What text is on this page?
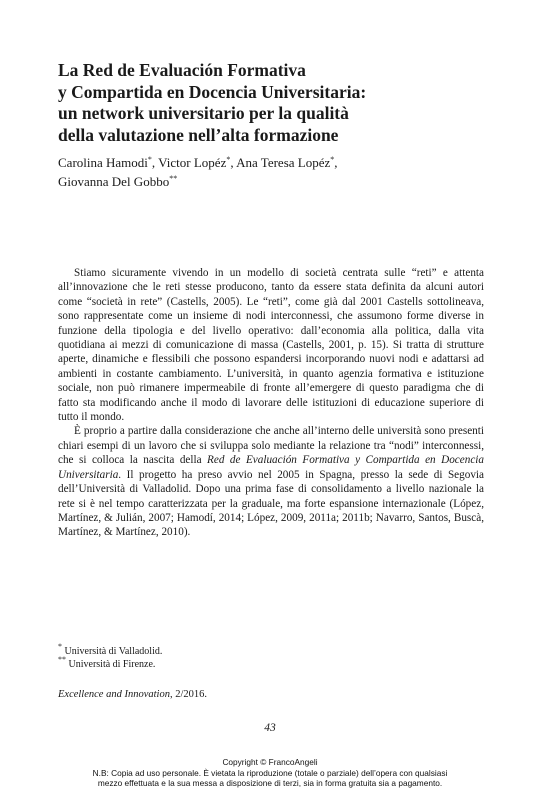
La Red de Evaluación Formativa
y Compartida en Docencia Universitaria:
un network universitario per la qualità
della valutazione nell’alta formazione
Carolina Hamodi*, Victor Lopéz*, Ana Teresa Lopéz*,
Giovanna Del Gobbo**

Stiamo sicuramente vivendo in un modello di società centrata sulle “reti” e attenta all’innovazione che le reti stesse producono, tanto da essere stata definita da alcuni autori come “società in rete” (Castells, 2005). Le “reti”, come già dal 2001 Castells sottolineava, sono rappresentate come un insieme di nodi interconnessi, che assumono forme diverse in funzione della tipologia e del livello operativo: dall’economia alla politica, dalla vita quotidiana ai mezzi di comunicazione di massa (Castells, 2001, p. 15). Si tratta di strutture aperte, dinamiche e flessibili che possono espandersi incorporando nuovi nodi e adattarsi ad ambienti in costante cambiamento. L’università, in quanto agenzia formativa e istituzione sociale, non può rimanere impermeabile di fronte all’emergere di questo paradigma che di fatto sta modificando anche il modo di lavorare delle istituzioni di educazione superiore di tutto il mondo.

È proprio a partire dalla considerazione che anche all’interno delle università sono presenti chiari esempi di un lavoro che si sviluppa solo mediante la relazione tra “nodi” interconnessi, che si colloca la nascita della Red de Evaluación Formativa y Compartida en Docencia Universitaria. Il progetto ha preso avvio nel 2005 in Spagna, presso la sede di Segovia dell’Università di Valladolid. Dopo una prima fase di consolidamento a livello nazionale la rete si è nel tempo caratterizzata per la graduale, ma forte espansione internazionale (López, Martínez, & Julián, 2007; Hamodí, 2014; López, 2009, 2011a; 2011b; Navarro, Santos, Buscà, Martínez, & Martínez, 2010).

* Università di Valladolid.
** Università di Firenze.
Excellence and Innovation, 2/2016.
43
Copyright © FrancoAngeli
N.B: Copia ad uso personale. È vietata la riproduzione (totale o parziale) dell’opera con qualsiasi
mezzo effettuata e la sua messa a disposizione di terzi, sia in forma gratuita sia a pagamento.
